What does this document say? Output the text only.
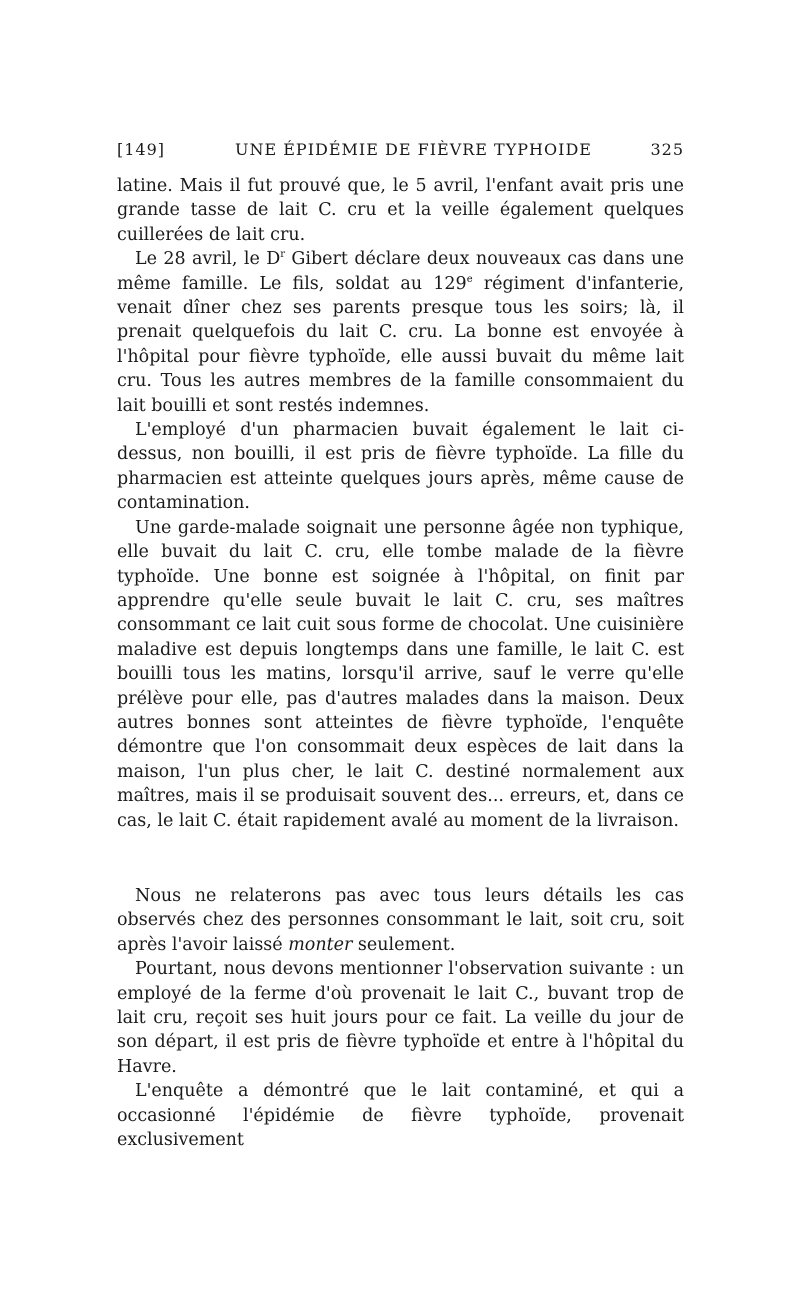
[149]	UNE ÉPIDÉMIE DE FIÈVRE TYPHOIDE	325

latine. Mais il fut prouvé que, le 5 avril, l'enfant avait pris une grande tasse de lait C. cru et la veille également quelques cuillerées de lait cru.

Le 28 avril, le $D^r$ Gibert déclare deux nouveaux cas dans une même famille. Le fils, soldat au 129e régiment d'infanterie, venait dîner chez ses parents presque tous les soirs; là, il prenait quelquefois du lait C. cru. La bonne est envoyée à l'hôpital pour fièvre typhoïde, elle aussi buvait du même lait cru. Tous les autres membres de la famille consommaient du lait bouilli et sont restés indemnes.

L'employé d'un pharmacien buvait également le lait ci-dessus, non bouilli, il est pris de fièvre typhoïde. La fille du pharmacien est atteinte quelques jours après, même cause de contamination.

Une garde-malade soignait une personne âgée non typhique, elle buvait du lait C. cru, elle tombe malade de la fièvre typhoïde. Une bonne est soignée à l'hôpital, on finit par apprendre qu'elle seule buvait le lait C. cru, ses maîtres consommant ce lait cuit sous forme de chocolat. Une cuisinière maladive est depuis longtemps dans une famille, le lait C. est bouilli tous les matins, lorsqu'il arrive, sauf le verre qu'elle prélève pour elle, pas d'autres malades dans la maison. Deux autres bonnes sont atteintes de fièvre typhoïde, l'enquête démontre que l'on consommait deux espèces de lait dans la maison, l'un plus cher, le lait C. destiné normalement aux maîtres, mais il se produisait souvent des... erreurs, et, dans ce cas, le lait C. était rapidement avalé au moment de la livraison.

Nous ne relaterons pas avec tous leurs détails les cas observés chez des personnes consommant le lait, soit cru, soit après l'avoir laissé monter seulement.

Pourtant, nous devons mentionner l'observation suivante : un employé de la ferme d'où provenait le lait C., buvant trop de lait cru, reçoit ses huit jours pour ce fait. La veille du jour de son départ, il est pris de fièvre typhoïde et entre à l'hôpital du Havre.

L'enquête a démontré que le lait contaminé, et qui a occasionné l'épidémie de fièvre typhoïde, provenait exclusivement
